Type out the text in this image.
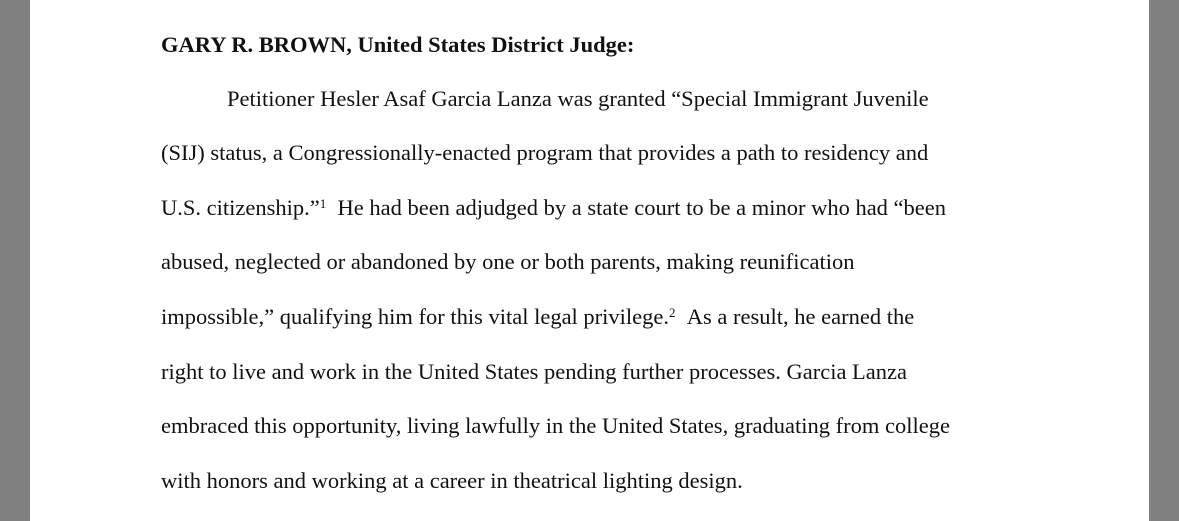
GARY R. BROWN, United States District Judge:
Petitioner Hesler Asaf Garcia Lanza was granted “Special Immigrant Juvenile
(SIJ) status, a Congressionally-enacted program that provides a path to residency and
U.S. citizenship.”$^1$ He had been adjudged by a state court to be a minor who had “been
abused, neglected or abandoned by one or both parents, making reunification
impossible,” qualifying him for this vital legal privilege.$^2$ As a result, he earned the
right to live and work in the United States pending further processes. Garcia Lanza
embraced this opportunity, living lawfully in the United States, graduating from college
with honors and working at a career in theatrical lighting design.
